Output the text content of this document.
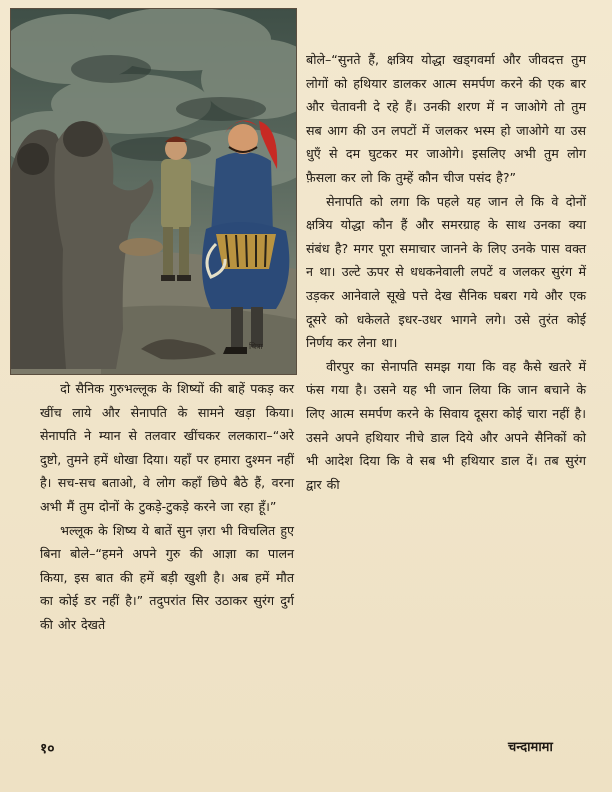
चित्रा

बोले–“सुनते हैं, क्षत्रिय योद्धा खड्गवर्मा और जीवदत्त तुम लोगों को हथियार डालकर आत्म समर्पण करने की एक बार और चेतावनी दे रहे हैं। उनकी शरण में न जाओगे तो तुम सब आग की उन लपटों में जलकर भस्म हो जाओगे या उस धुएँ से दम घुटकर मर जाओगे। इसलिए अभी तुम लोग फ़ैसला कर लो कि तुम्हें कौन चीज पसंद है?”

सेनापति को लगा कि पहले यह जान ले कि वे दोनों क्षत्रिय योद्धा कौन हैं और समरग्राह के साथ उनका क्या संबंध है? मगर पूरा समाचार जानने के लिए उनके पास वक्त न था। उल्टे ऊपर से धधकनेवाली लपटें व जलकर सुरंग में उड़कर आनेवाले सूखे पत्ते देख सैनिक घबरा गये और एक दूसरे को धकेलते इधर-उधर भागने लगे। उसे तुरंत कोई निर्णय कर लेना था।

वीरपुर का सेनापति समझ गया कि वह कैसे खतरे में फंस गया है। उसने यह भी जान लिया कि जान बचाने के लिए आत्म समर्पण करने के सिवाय दूसरा कोई चारा नहीं है। उसने अपने हथियार नीचे डाल दिये और अपने सैनिकों को भी आदेश दिया कि वे सब भी हथियार डाल दें। तब सुरंग द्वार की

दो सैनिक गुरुभल्लूक के शिष्यों की बाहें पकड़ कर खींच लाये और सेनापति के सामने खड़ा किया। सेनापति ने म्यान से तलवार खींचकर ललकारा–“अरे दुष्टो, तुमने हमें धोखा दिया। यहाँ पर हमारा दुश्मन नहीं है। सच-सच बताओ, वे लोग कहाँ छिपे बैठे हैं, वरना अभी मैं तुम दोनों के टुकड़े-टुकड़े करने जा रहा हूँ।”

भल्लूक के शिष्य ये बातें सुन ज़रा भी विचलित हुए बिना बोले–“हमने अपने गुरु की आज्ञा का पालन किया, इस बात की हमें बड़ी खुशी है। अब हमें मौत का कोई डर नहीं है।” तदुपरांत सिर उठाकर सुरंग दुर्ग की ओर देखते

१०	चन्दामामा
